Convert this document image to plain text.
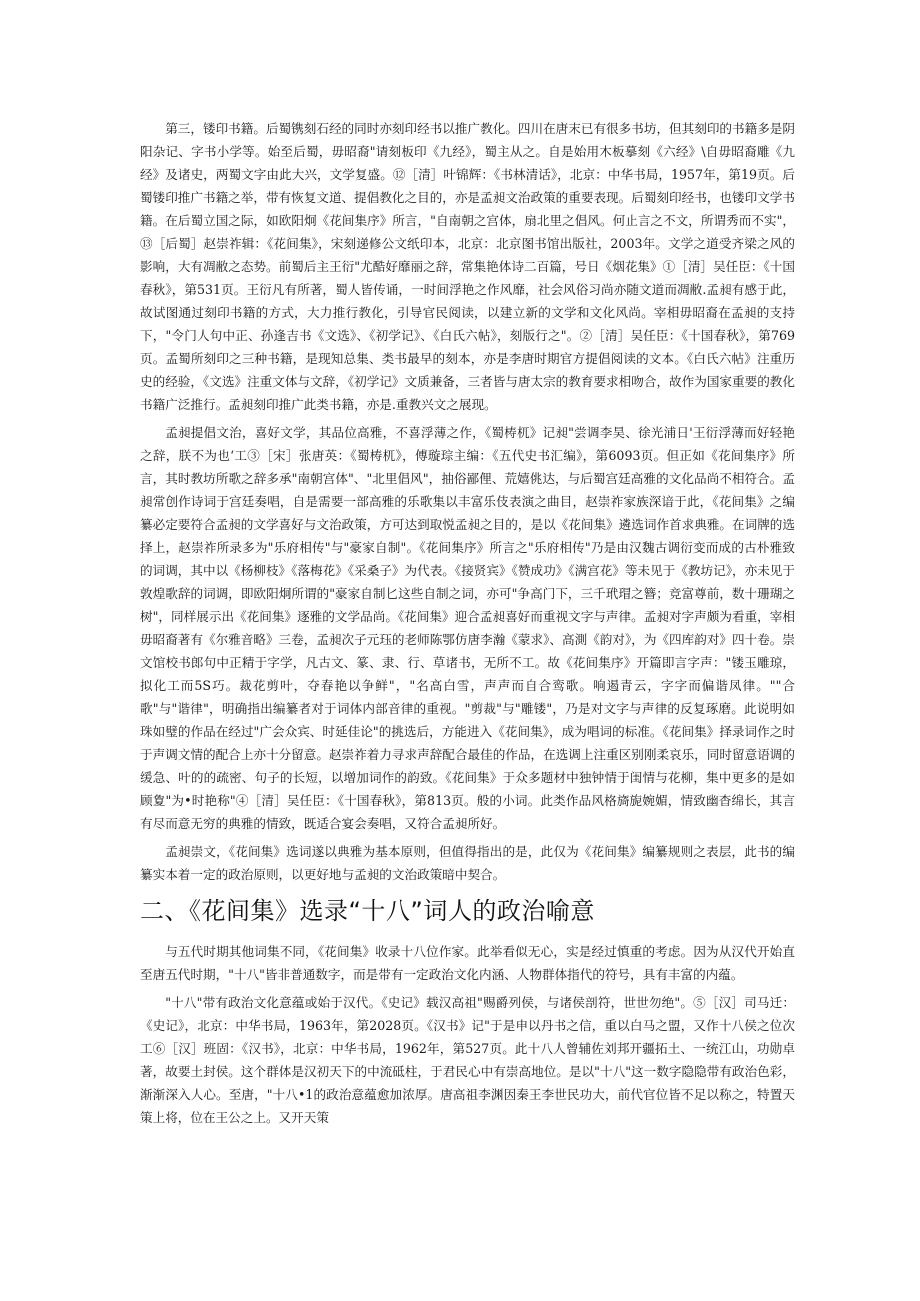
第三，镂印书籍。后蜀镌刻石经的同时亦刻印经书以推广教化。四川在唐末已有很多书坊，但其刻印的书籍多是阴阳杂记、字书小学等。始至后蜀，毋昭裔"请刻板印《九经》，蜀主从之。自是始用木板摹刻《六经》\自毋昭裔雕《九经》及诸史，两蜀文字由此大兴，文学复盛。⑫［清］叶锦辉：《书林清话》，北京：中华书局，1957年，第19页。后蜀镂印推广书籍之举，带有恢复文道、提倡教化之目的，亦是孟昶文治政策的重要表现。后蜀刻印经书，也镂印文学书籍。在后蜀立国之际，如欧阳炯《花间集序》所言，"自南朝之宫体，扇北里之倡风。何止言之不文，所谓秀而不实"，⑬［后蜀］赵崇祚辑：《花间集》，宋刻递修公文纸印本，北京：北京图书馆出版社，2003年。文学之道受齐梁之风的影响，大有凋敝之态势。前蜀后主王衍"尤酷好靡丽之辞，常集艳体诗二百篇，号日《烟花集》①［清］吴任臣：《十国春秋》，第531页。王衍凡有所著，蜀人皆传诵，一时间浮艳之作风靡，社会风俗习尚亦随文道而凋敝.孟昶有感于此，故试图通过刻印书籍的方式，大力推行教化，引导官民阅读，以建立新的文学和文化风尚。宰相毋昭裔在孟昶的支持下，"令门人句中正、孙逢吉书《文选》、《初学记》、《白氏六帖》，刻版行之"。②［清］吴任臣：《十国春秋》，第769页。孟蜀所刻印之三种书籍，是现知总集、类书最早的刻本，亦是李唐时期官方提倡阅读的文本。《白氏六帖》注重历史的经验，《文选》注重文体与文辞，《初学记》文质兼备，三者皆与唐太宗的教育要求相吻合，故作为国家重要的教化书籍广泛推行。孟昶刻印推广此类书籍，亦是.重教兴文之展现。

孟昶提倡文治，喜好文学，其品位高雅，不喜浮薄之作，《蜀梼杌》记昶"尝调李昊、徐光浦日'王衍浮薄而好轻艳之辞，朕不为也‘工③［宋］张唐英：《蜀梼杌》，傅璇琮主编：《五代史书汇编》，第6093页。但正如《花间集序》所言，其时教坊所歌之辞多承"南朝宫体"、"北里倡风"，抽俗鄙俚、荒嬉佻达，与后蜀宫廷高雅的文化品尚不相符合。孟昶常创作诗词于宫廷奏唱，自是需要一部高雅的乐歌集以丰富乐伎表演之曲目，赵崇祚家族深谙于此，《花间集》之编纂必定要符合孟昶的文学喜好与文治政策，方可达到取悦孟昶之目的，是以《花间集》遴选词作首求典雅。在词牌的选择上，赵崇祚所录多为"乐府相传"与"豪家自制"。《花间集序》所言之"乐府相传"乃是由汉魏古调衍变而成的古朴雅致的词调，其中以《杨柳枝》《落梅花》《采桑子》为代表。《接贤宾》《赞成功》《满宫花》等未见于《教坊记》，亦未见于敦煌歌辞的词调，即欧阳炯所谓的"豪家自制匕这些自制之词，亦可"争高门下，三千玳瑁之簪；竞富尊前，数十珊瑚之树"，同样展示出《花间集》逐雅的文学品尚。《花间集》迎合孟昶喜好而重视文字与声律。孟昶对字声颇为看重，宰相毋昭裔著有《尔雅音略》三卷，孟昶次子元珏的老师陈鄂仿唐李瀚《蒙求》、高測《韵对》，为《四库韵对》四十卷。崇文馆校书郎句中正精于字学，凡古文、篆、隶、行、草诸书，无所不工。故《花间集序》开篇即言字声："镂玉雕琼，拟化工而5S巧。裁花剪叶，夺春艳以争鲜"，"名高白雪，声声而自合鸾歌。响遏青云，字字而偏谐凤律。""合歌"与"谐律"，明确指出编纂者对于词体内部音律的重视。"剪裁"与"雕镂"，乃是对文字与声律的反复琢磨。此说明如珠如璧的作品在经过"广会众宾、时延佳论"的挑选后，方能进入《花间集》，成为唱词的标准。《花间集》择录词作之时于声调文情的配合上亦十分留意。赵崇祚着力寻求声辞配合最佳的作品，在选调上注重区别刚柔哀乐，同时留意语调的缓急、叶的的疏密、句子的长短，以增加词作的韵致。《花间集》于众多题材中独钟情于闺情与花柳，集中更多的是如顾夐"为•时艳称"④［清］吴任臣：《十国春秋》，第813页。般的小词。此类作品风格旖旎婉媚，情致幽杳绵长，其言有尽而意无穷的典雅的情致，既适合宴会奏唱，又符合孟昶所好。

孟昶崇文，《花间集》选词遂以典雅为基本原则，但值得指出的是，此仅为《花间集》编纂规则之表层，此书的编纂实本着一定的政治原则，以更好地与孟昶的文治政策暗中契合。

二、《花间集》选录“十八”词人的政治喻意

与五代时期其他词集不同，《花间集》收录十八位作家。此举看似无心，实是经过慎重的考虑。因为从汉代开始直至唐五代时期，"十八"皆非普通数字，而是带有一定政治文化内涵、人物群体指代的符号，具有丰富的内蕴。

"十八"带有政治文化意蕴或始于汉代。《史记》载汉高祖"赐爵列侯，与诸侯剖符，世世勿绝"。⑤［汉］司马迁：《史记》，北京：中华书局，1963年，第2028页。《汉书》记"于是申以丹书之信，重以白马之盟，又作十八侯之位次工⑥［汉］班固：《汉书》，北京：中华书局，1962年，第527页。此十八人曾辅佐刘邦开疆拓土、一统江山，功勋卓著，故要土封侯。这个群体是汉初天下的中流砥柱，于君民心中有崇高地位。是以"十八"这一数字隐隐带有政治色彩，渐渐深入人心。至唐，"十八•1的政治意蕴愈加浓厚。唐高祖李渊因秦王李世民功大，前代官位皆不足以称之，特置天策上将，位在王公之上。又开天策
